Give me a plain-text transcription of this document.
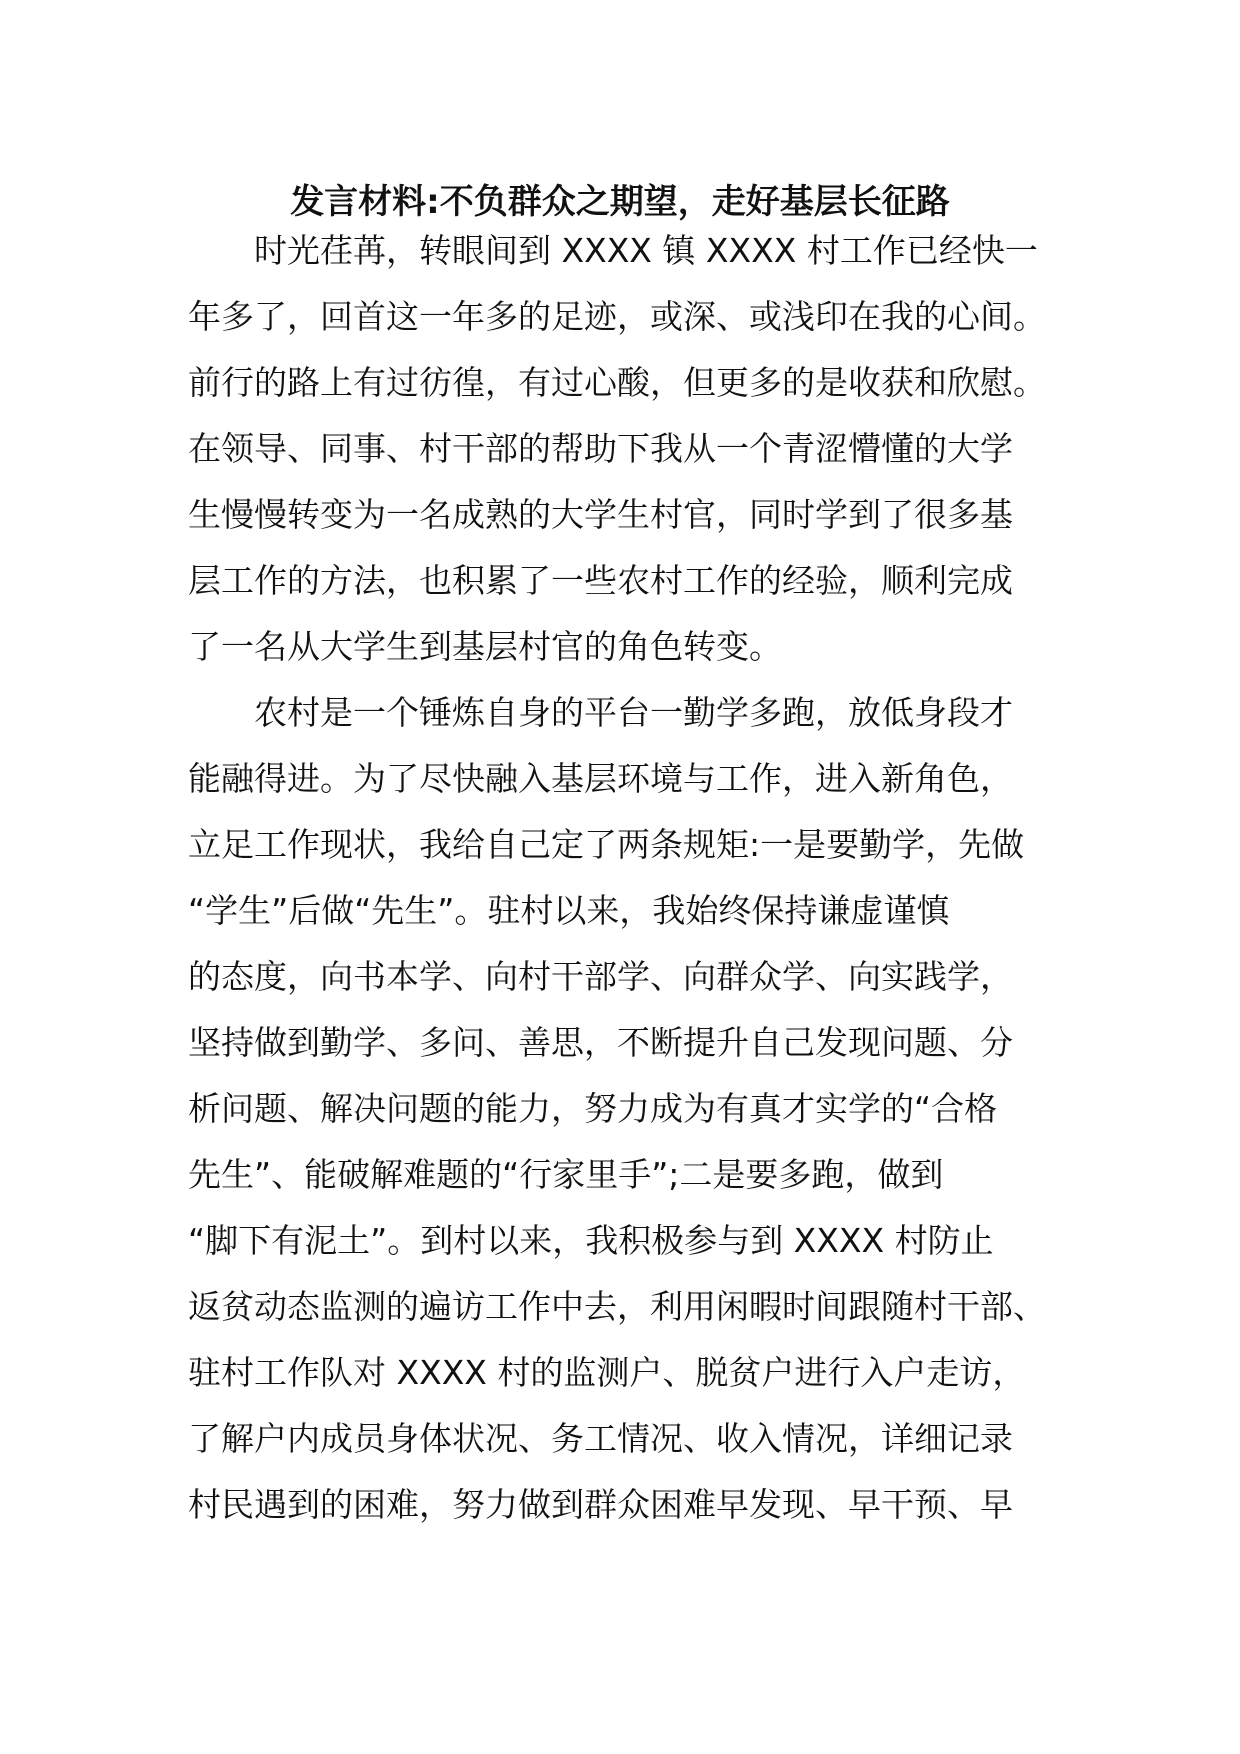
发言材料:不负群众之期望，走好基层长征路
时光荏苒，转眼间到 XXXX 镇 XXXX 村工作已经快一
年多了，回首这一年多的足迹，或深、或浅印在我的心间。
前行的路上有过彷徨，有过心酸，但更多的是收获和欣慰。
在领导、同事、村干部的帮助下我从一个青涩懵懂的大学
生慢慢转变为一名成熟的大学生村官，同时学到了很多基
层工作的方法，也积累了一些农村工作的经验，顺利完成
了一名从大学生到基层村官的角色转变。
农村是一个锤炼自身的平台一勤学多跑，放低身段才
能融得进。为了尽快融入基层环境与工作，进入新角色，
立足工作现状，我给自己定了两条规矩:一是要勤学，先做
“学生”后做“先生”。驻村以来，我始终保持谦虚谨慎
的态度，向书本学、向村干部学、向群众学、向实践学，
坚持做到勤学、多问、善思，不断提升自己发现问题、分
析问题、解决问题的能力，努力成为有真才实学的“合格
先生”、能破解难题的“行家里手”;二是要多跑，做到
“脚下有泥土”。到村以来，我积极参与到 XXXX 村防止
返贫动态监测的遍访工作中去，利用闲暇时间跟随村干部、
驻村工作队对 XXXX 村的监测户、脱贫户进行入户走访，
了解户内成员身体状况、务工情况、收入情况，详细记录
村民遇到的困难，努力做到群众困难早发现、早干预、早
